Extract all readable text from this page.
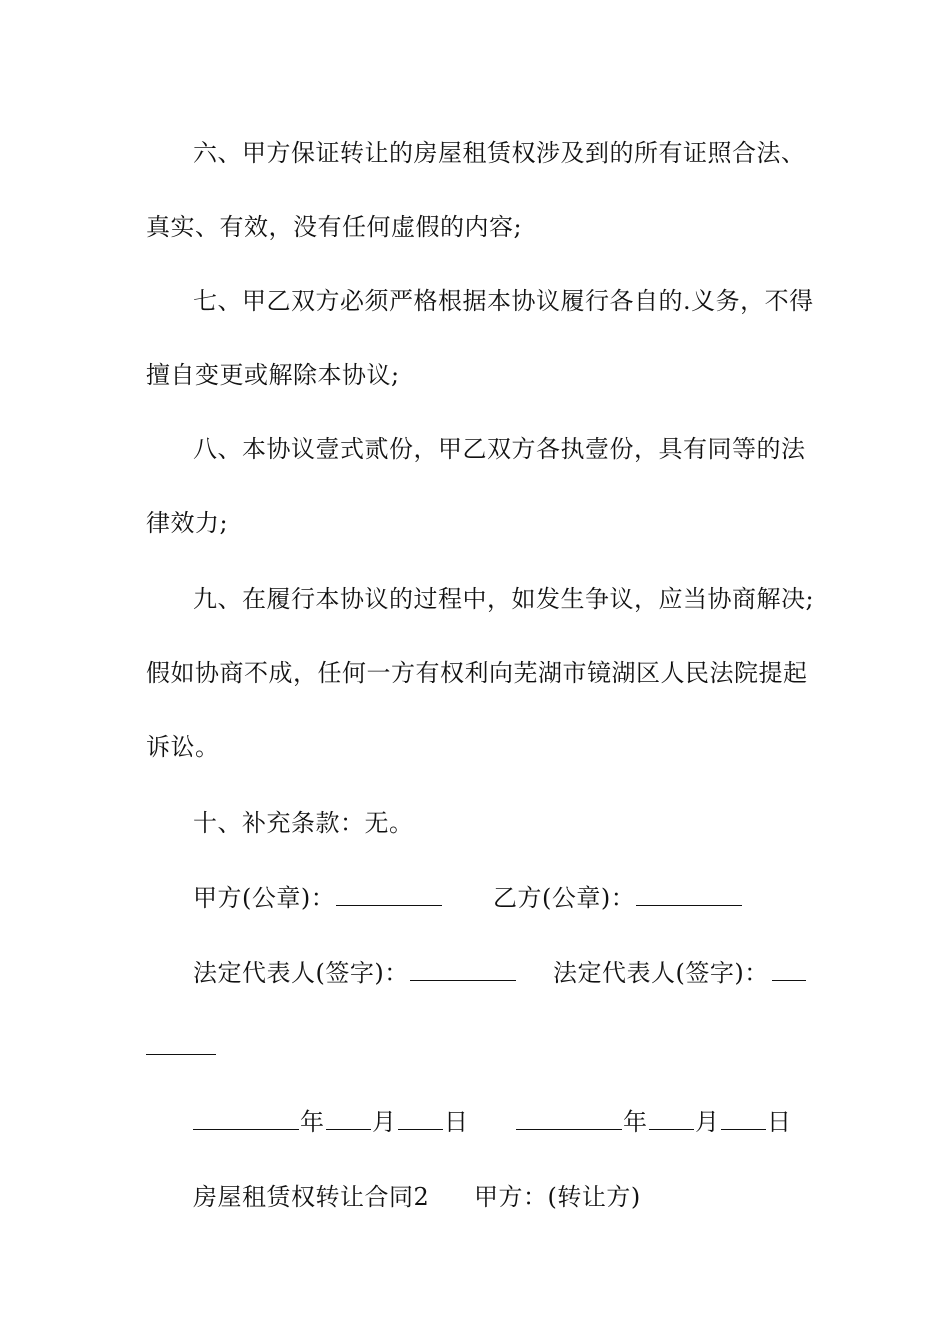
六、甲方保证转让的房屋租赁权涉及到的所有证照合法、
真实、有效，没有任何虚假的内容;
七、甲乙双方必须严格根据本协议履行各自的.义务，不得
擅自变更或解除本协议;
八、本协议壹式贰份，甲乙双方各执壹份，具有同等的法
律效力;
九、在履行本协议的过程中，如发生争议，应当协商解决;
假如协商不成，任何一方有权利向芜湖市镜湖区人民法院提起
诉讼。
十、补充条款：无。
甲方(公章)：	乙方(公章)：
法定代表人(签字)：	法定代表人(签字)：
年 月 日	年 月 日
房屋租赁权转让合同2 甲方：(转让方)
